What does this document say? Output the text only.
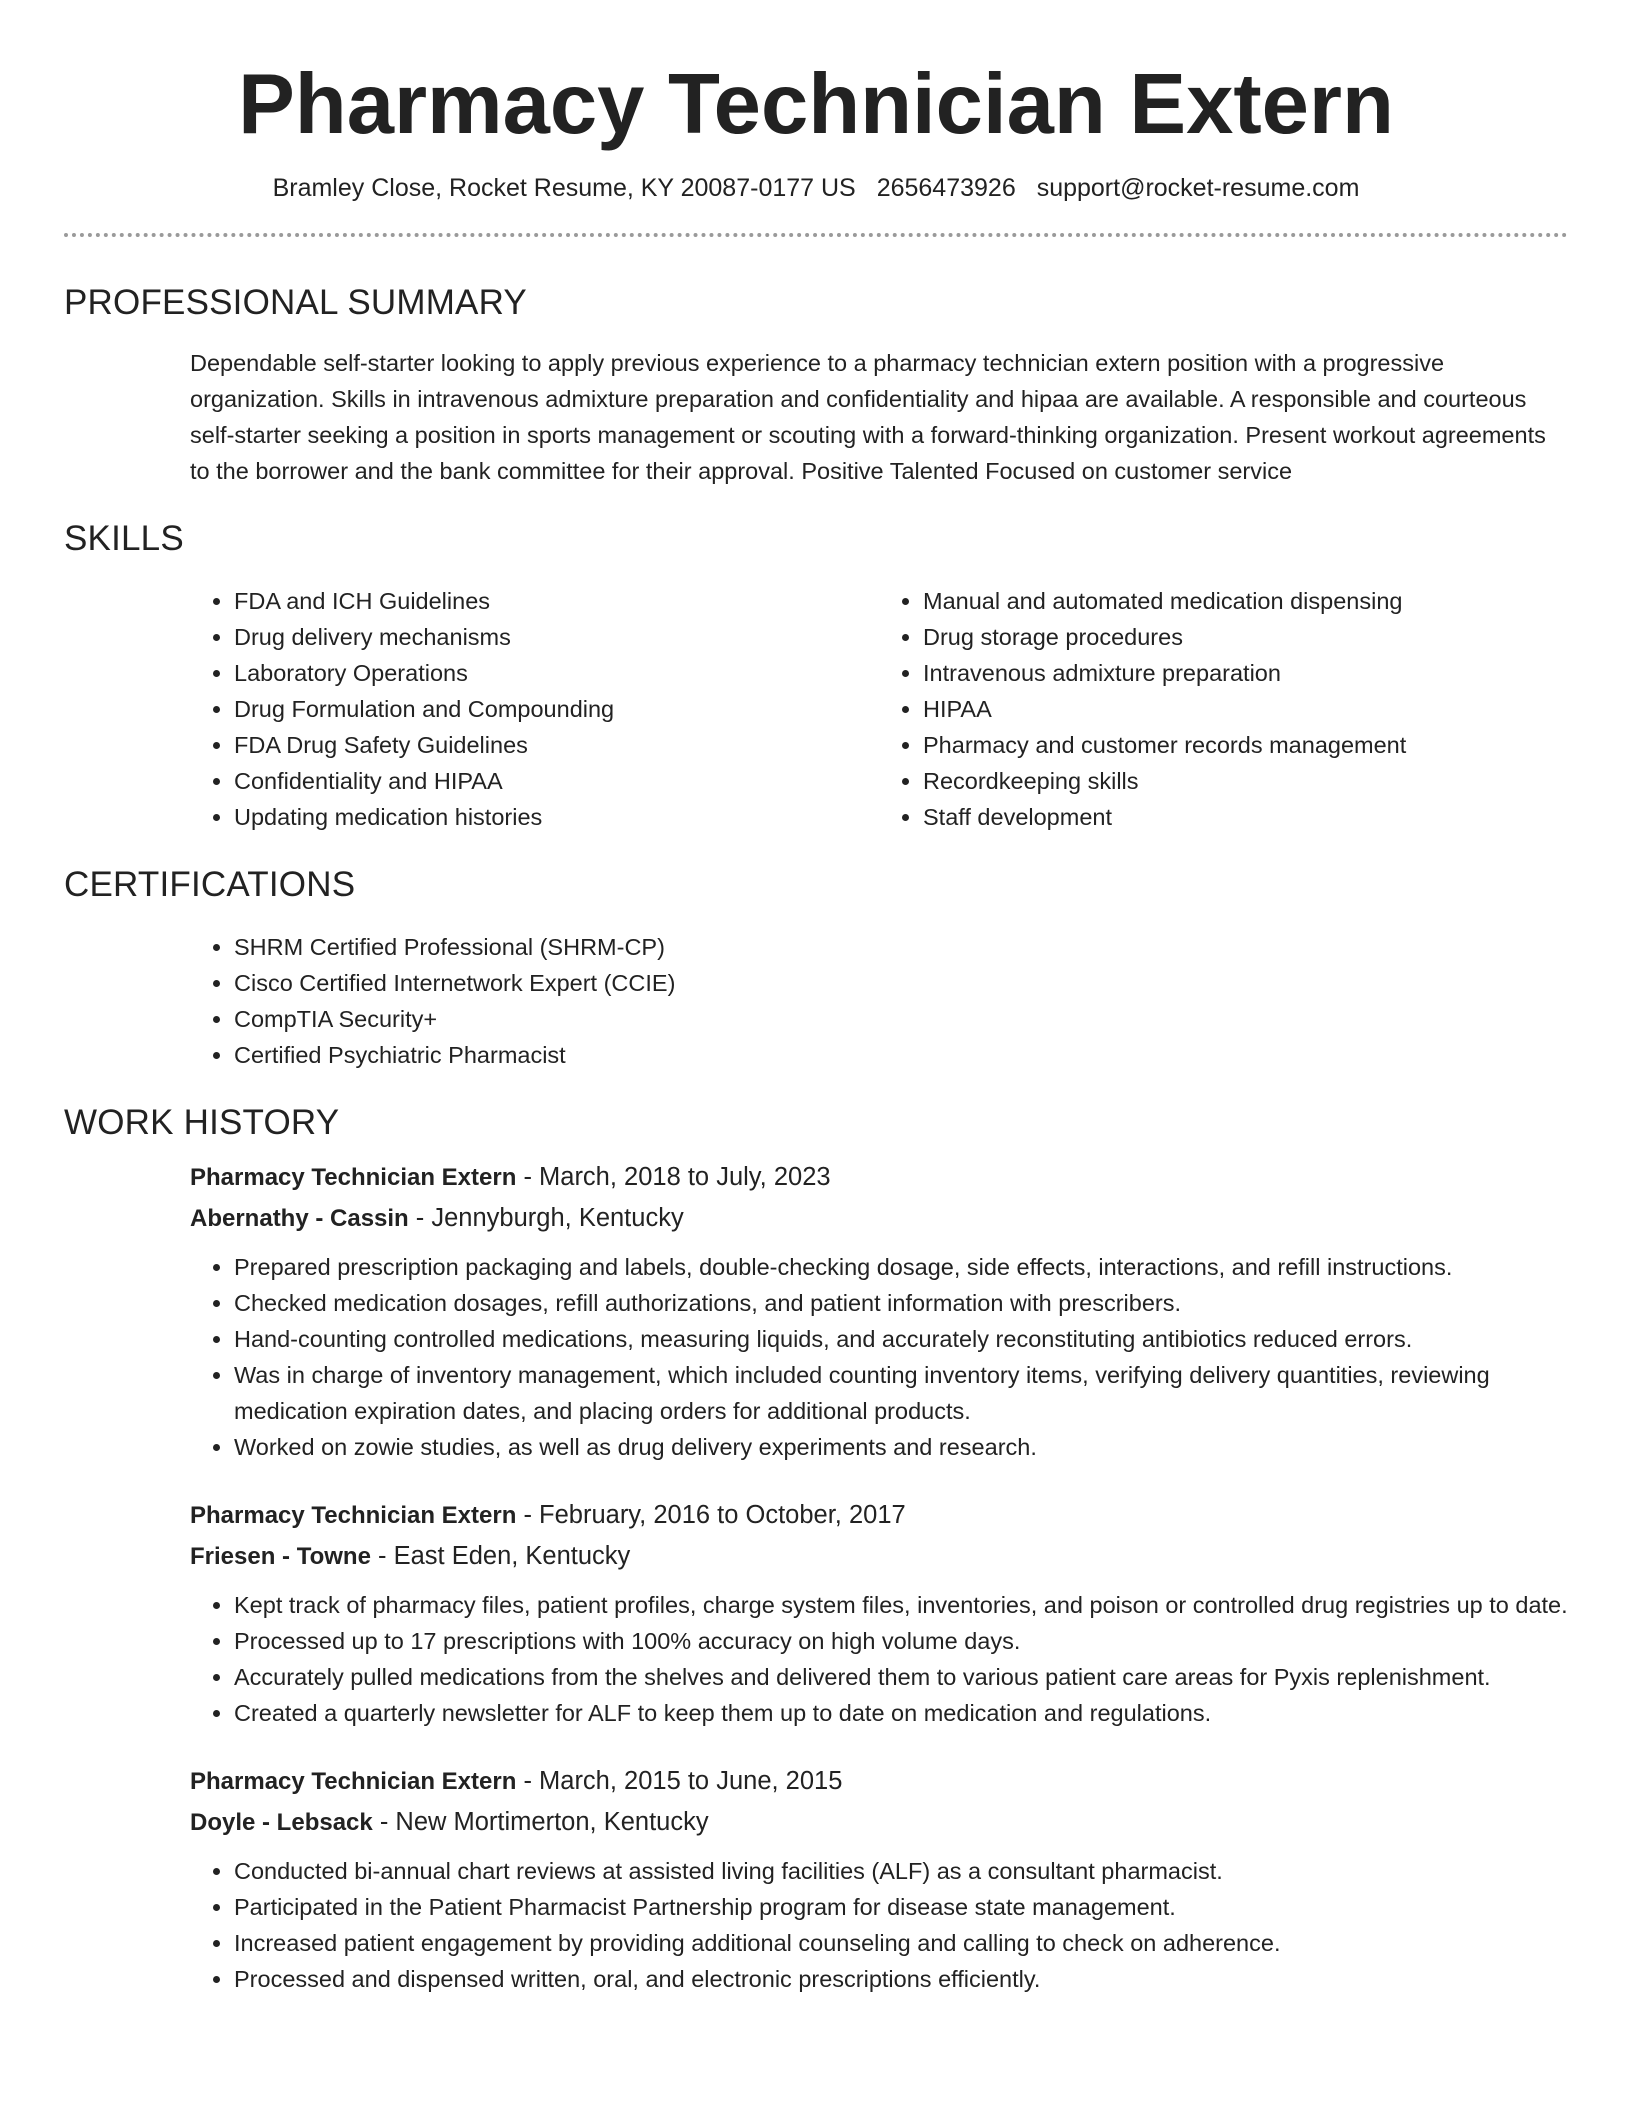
Pharmacy Technician Extern
Bramley Close, Rocket Resume, KY 20087-0177 US 2656473926 support@rocket-resume.com
PROFESSIONAL SUMMARY

Dependable self-starter looking to apply previous experience to a pharmacy technician extern position with a progressive organization. Skills in intravenous admixture preparation and confidentiality and hipaa are available. A responsible and courteous self-starter seeking a position in sports management or scouting with a forward-thinking organization. Present workout agreements to the borrower and the bank committee for their approval. Positive Talented Focused on customer service

SKILLS
• FDA and ICH Guidelines
• Drug delivery mechanisms
• Laboratory Operations
• Drug Formulation and Compounding
• FDA Drug Safety Guidelines
• Confidentiality and HIPAA
• Updating medication histories
• Manual and automated medication dispensing
• Drug storage procedures
• Intravenous admixture preparation
• HIPAA
• Pharmacy and customer records management
• Recordkeeping skills
• Staff development
CERTIFICATIONS
• SHRM Certified Professional (SHRM-CP)
• Cisco Certified Internetwork Expert (CCIE)
• CompTIA Security+
• Certified Psychiatric Pharmacist
WORK HISTORY
Pharmacy Technician Extern - March, 2018 to July, 2023
Abernathy - Cassin - Jennyburgh, Kentucky
• Prepared prescription packaging and labels, double-checking dosage, side effects, interactions, and refill instructions.
• Checked medication dosages, refill authorizations, and patient information with prescribers.
• Hand-counting controlled medications, measuring liquids, and accurately reconstituting antibiotics reduced errors.
• Was in charge of inventory management, which included counting inventory items, verifying delivery quantities, reviewing medication expiration dates, and placing orders for additional products.
• Worked on zowie studies, as well as drug delivery experiments and research.
Pharmacy Technician Extern - February, 2016 to October, 2017
Friesen - Towne - East Eden, Kentucky
• Kept track of pharmacy files, patient profiles, charge system files, inventories, and poison or controlled drug registries up to date.
• Processed up to 17 prescriptions with 100% accuracy on high volume days.
• Accurately pulled medications from the shelves and delivered them to various patient care areas for Pyxis replenishment.
• Created a quarterly newsletter for ALF to keep them up to date on medication and regulations.
Pharmacy Technician Extern - March, 2015 to June, 2015
Doyle - Lebsack - New Mortimerton, Kentucky
• Conducted bi-annual chart reviews at assisted living facilities (ALF) as a consultant pharmacist.
• Participated in the Patient Pharmacist Partnership program for disease state management.
• Increased patient engagement by providing additional counseling and calling to check on adherence.
• Processed and dispensed written, oral, and electronic prescriptions efficiently.
